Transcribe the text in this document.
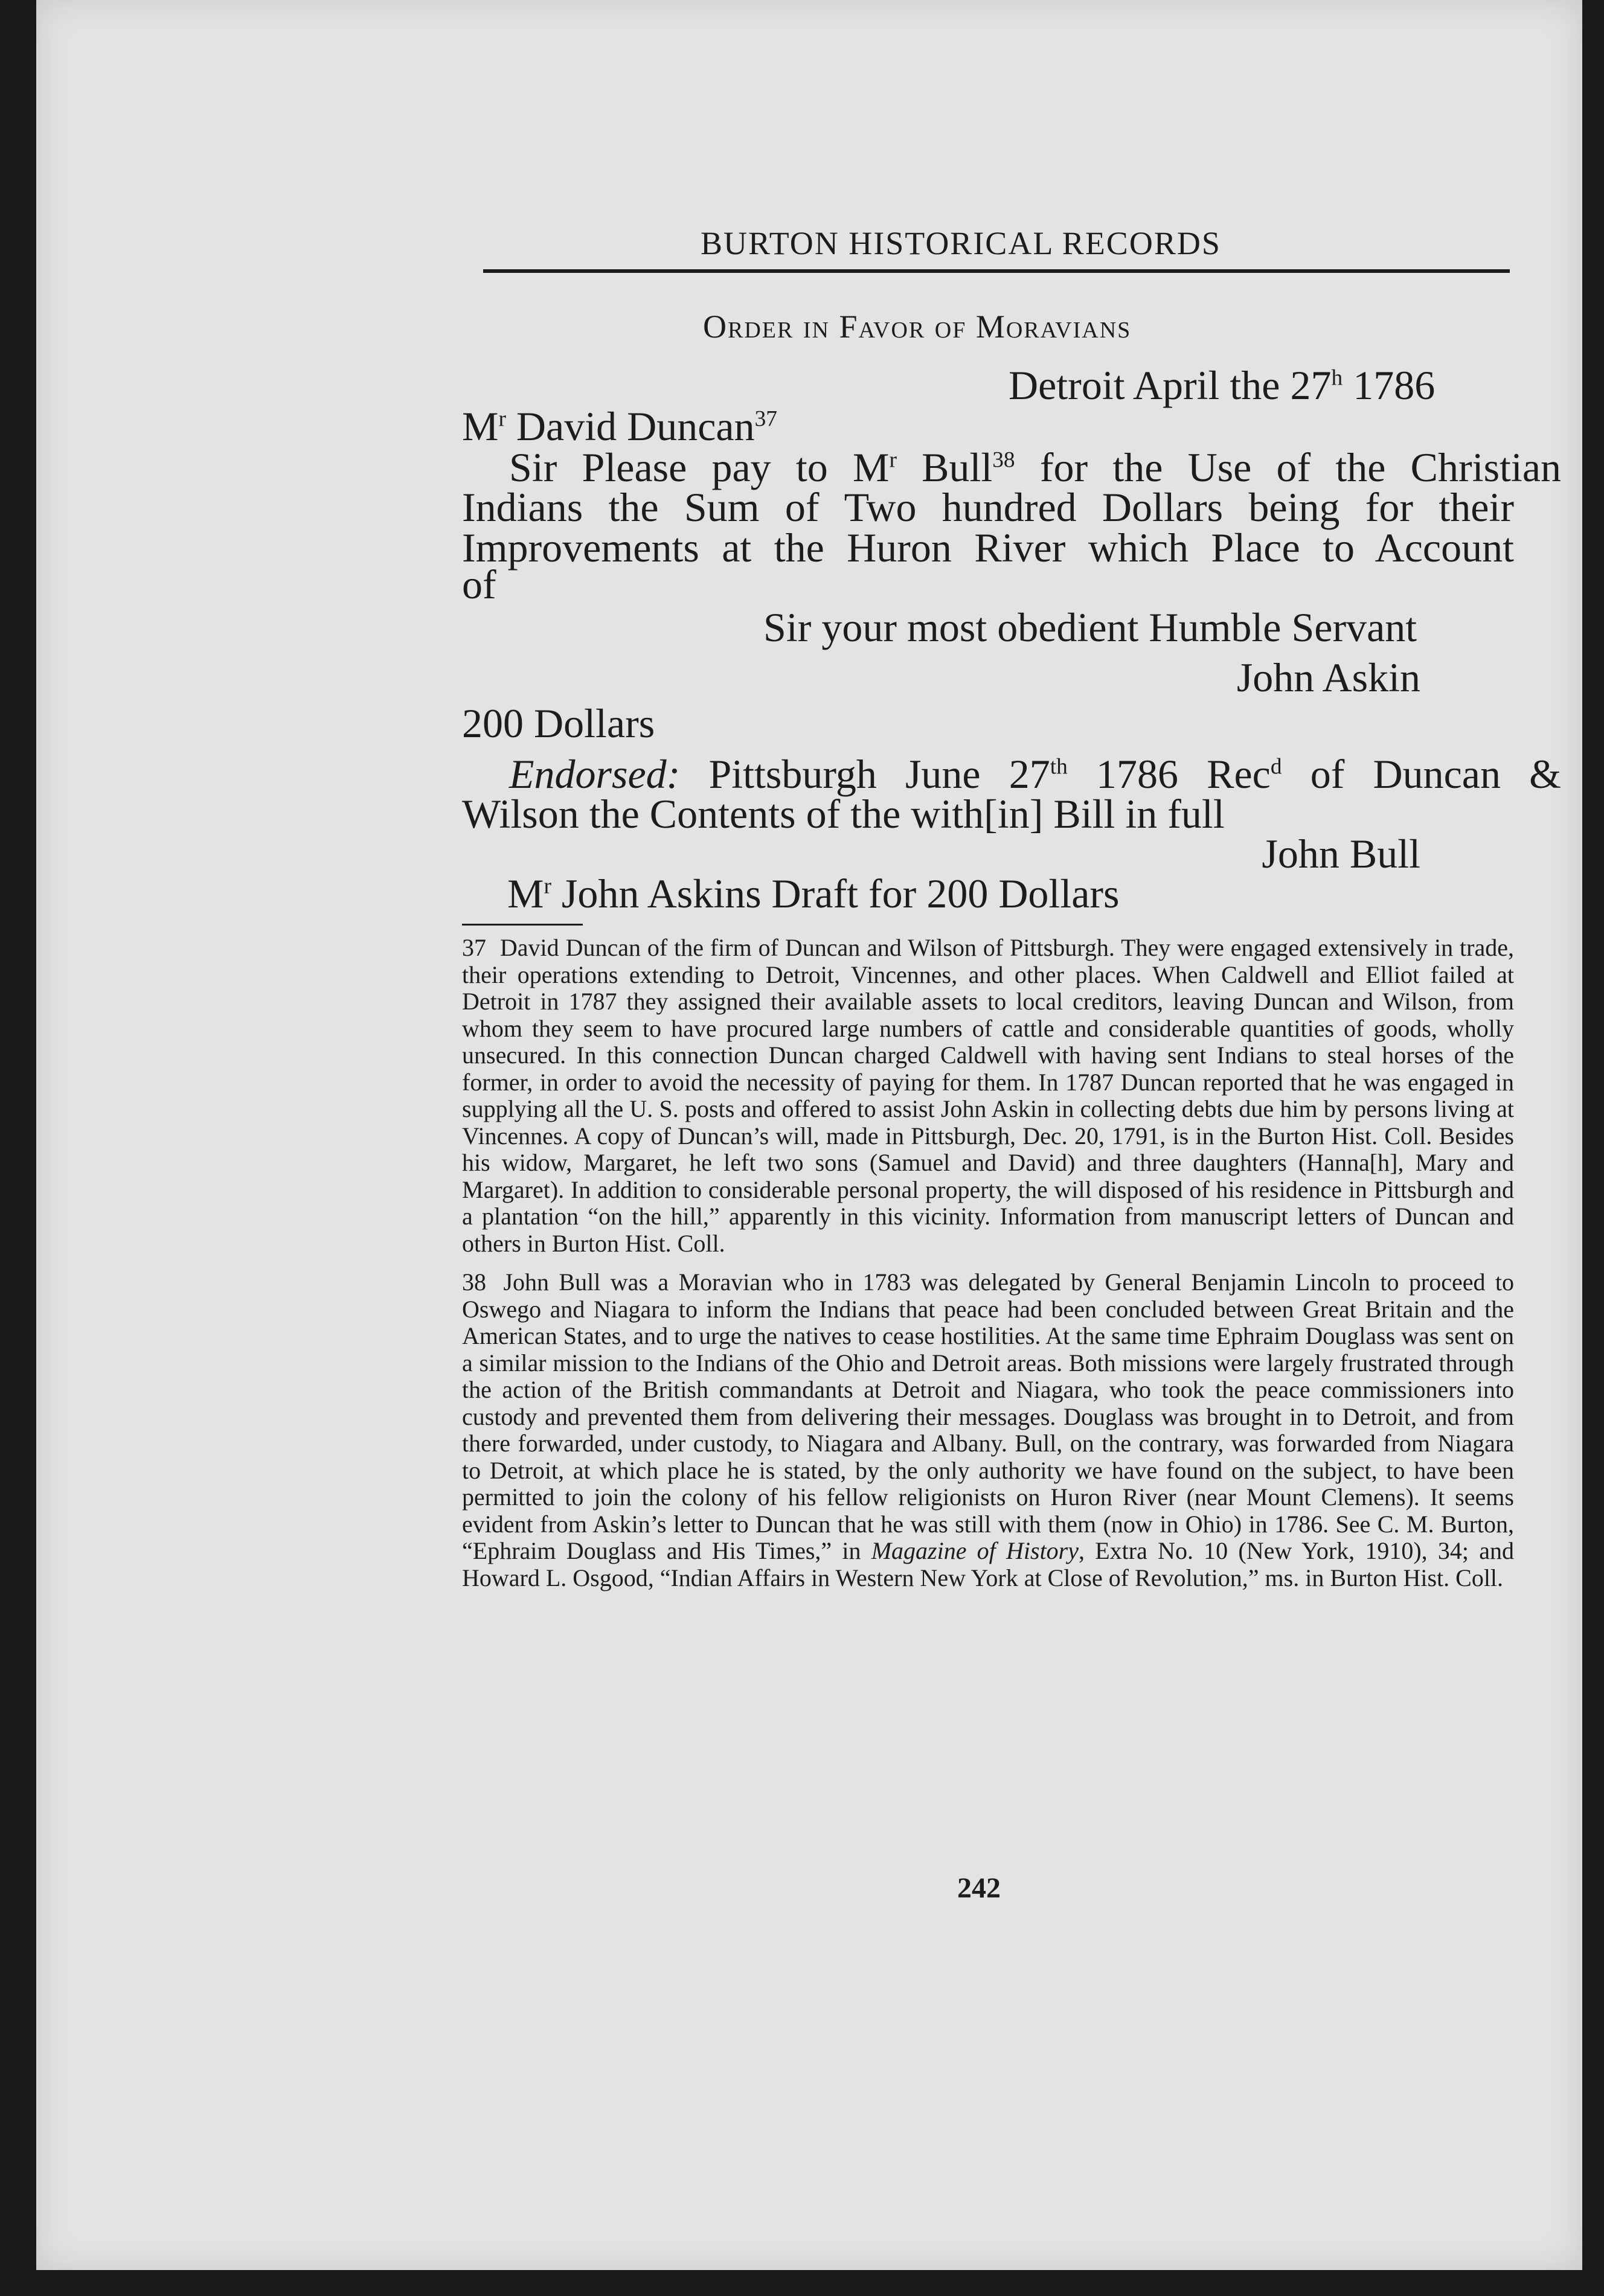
BURTON HISTORICAL RECORDS
Order in Favor of Moravians
Detroit April the 27$^h$ 1786
$M^r$ David Duncan$^{37}$
Sir Please pay to $M^r$ Bull$^{38}$ for the Use of the Christian
Indians the Sum of Two hundred Dollars being for their
Improvements at the Huron River which Place to Account
of
Sir your most obedient Humble Servant
John Askin
200 Dollars
Endorsed: Pittsburgh June 27th 1786 Rec$^d$ of Duncan &
Wilson the Contents of the with[in] Bill in full
John Bull
$M^r$ John Askins Draft for 200 Dollars

37 David Duncan of the firm of Duncan and Wilson of Pittsburgh. They were engaged extensively in trade, their operations extending to Detroit, Vincennes, and other places. When Caldwell and Elliot failed at Detroit in 1787 they assigned their available assets to local creditors, leaving Duncan and Wilson, from whom they seem to have procured large numbers of cattle and considerable quantities of goods, wholly unsecured. In this connection Duncan charged Caldwell with having sent Indians to steal horses of the former, in order to avoid the necessity of paying for them. In 1787 Duncan reported that he was engaged in supplying all the U. S. posts and offered to assist John Askin in collecting debts due him by persons living at Vincennes. A copy of Duncan’s will, made in Pittsburgh, Dec. 20, 1791, is in the Burton Hist. Coll. Besides his widow, Margaret, he left two sons (Samuel and David) and three daughters (Hanna[h], Mary and Margaret). In addition to considerable personal property, the will disposed of his residence in Pittsburgh and a plantation “on the hill,” apparently in this vicinity. Information from manuscript letters of Duncan and others in Burton Hist. Coll.

38 John Bull was a Moravian who in 1783 was delegated by General Benjamin Lincoln to proceed to Oswego and Niagara to inform the Indians that peace had been concluded between Great Britain and the American States, and to urge the natives to cease hostilities. At the same time Ephraim Douglass was sent on a similar mission to the Indians of the Ohio and Detroit areas. Both missions were largely frustrated through the action of the British commandants at Detroit and Niagara, who took the peace commissioners into custody and prevented them from delivering their messages. Douglass was brought in to Detroit, and from there forwarded, under custody, to Niagara and Albany. Bull, on the contrary, was forwarded from Niagara to Detroit, at which place he is stated, by the only authority we have found on the subject, to have been permitted to join the colony of his fellow religionists on Huron River (near Mount Clemens). It seems evident from Askin’s letter to Duncan that he was still with them (now in Ohio) in 1786. See C. M. Burton, “Ephraim Douglass and His Times,” in Magazine of History, Extra No. 10 (New York, 1910), 34; and Howard L. Osgood, “Indian Affairs in Western New York at Close of Revolution,” ms. in Burton Hist. Coll.

242
